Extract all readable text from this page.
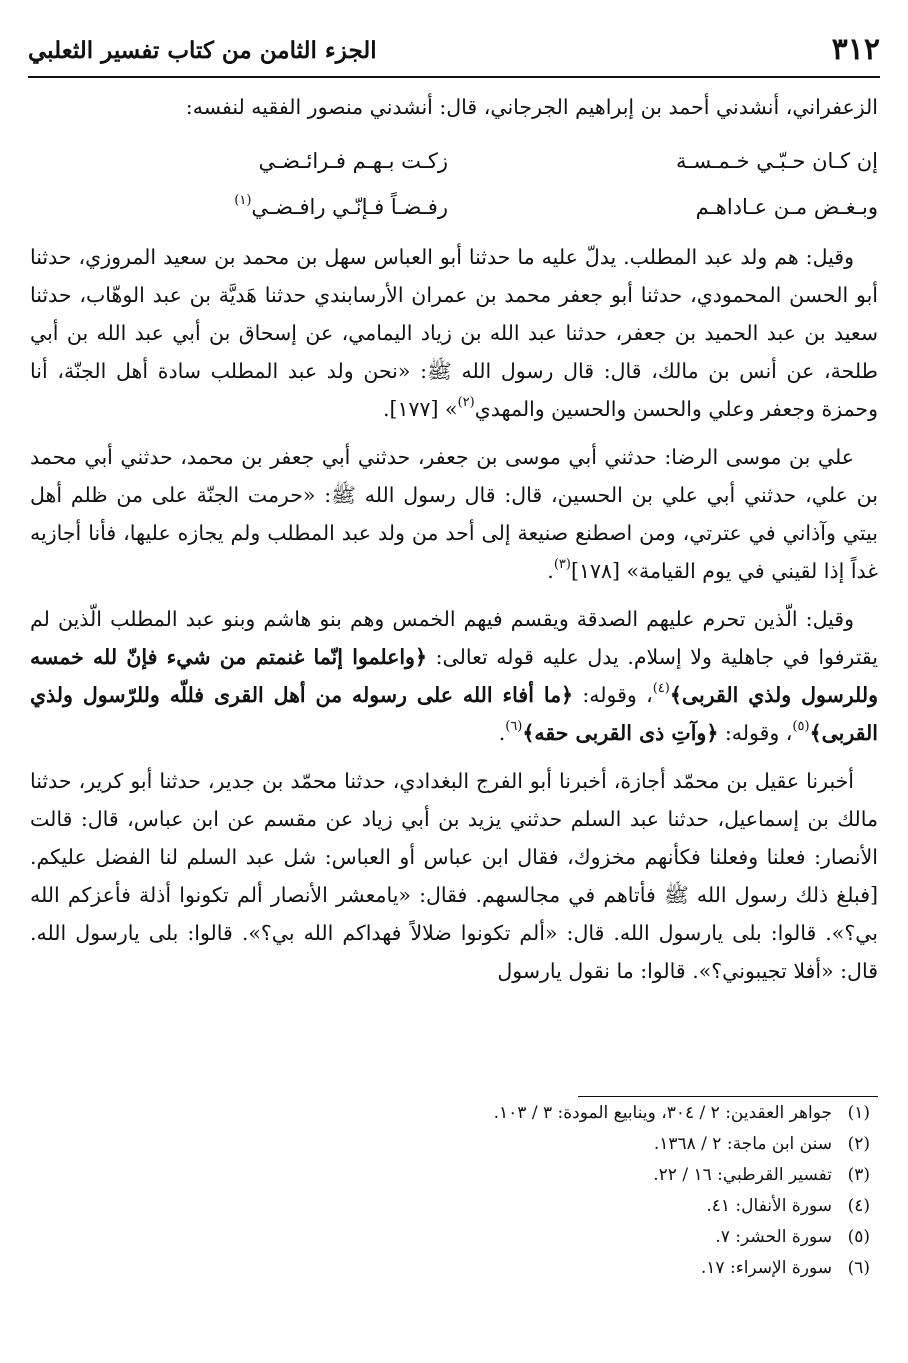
٣١٢
الجزء الثامن من كتاب تفسير الثعلبي

الزعفراني، أنشدني أحمد بن إبراهيم الجرجاني، قال: أنشدني منصور الفقيه لنفسه:

إن كـان حـبّـي خـمـسـة
زكـت بـهـم فـرائـضـي
وبـغـض مـن عـاداهـم
رفـضـاً فـإنّـي رافـضـي$^{(١)}$

وقيل: هم ولد عبد المطلب. يدلّ عليه ما حدثنا أبو العباس سهل بن محمد بن سعيد المروزي، حدثنا أبو الحسن المحمودي، حدثنا أبو جعفر محمد بن عمران الأرسابندي حدثنا هَديَّة بن عبد الوهّاب، حدثنا سعيد بن عبد الحميد بن جعفر، حدثنا عبد الله بن زياد اليمامي، عن إسحاق بن أبي عبد الله بن أبي طلحة، عن أنس بن مالك، قال: قال رسول الله ﷺ: «نحن ولد عبد المطلب سادة أهل الجنّة، أنا وحمزة وجعفر وعلي والحسن والحسين والمهدي$^{(٢)}$» [١٧٧].

علي بن موسى الرضا: حدثني أبي موسى بن جعفر، حدثني أبي جعفر بن محمد، حدثني أبي محمد بن علي، حدثني أبي علي بن الحسين، قال: قال رسول الله ﷺ: «حرمت الجنّة على من ظلم أهل بيتي وآذاني في عترتي، ومن اصطنع صنيعة إلى أحد من ولد عبد المطلب ولم يجازه عليها، فأنا أجازيه غداً إذا لقيني في يوم القيامة» [١٧٨]$^{(٣)}$.

وقيل: الّذين تحرم عليهم الصدقة ويقسم فيهم الخمس وهم بنو هاشم وبنو عبد المطلب الّذين لم يقترفوا في جاهلية ولا إسلام. يدل عليه قوله تعالى: ﴿واعلموا إنّما غنمتم من شيء فإنّ لله خمسه وللرسول ولذي القربى﴾$^{(٤)}$، وقوله: ﴿ما أفاء الله على رسوله من أهل القرى فللّه وللرّسول ولذي القربى﴾$^{(٥)}$، وقوله: ﴿وآتِ ذى القربى حقه﴾$^{(٦)}$.

أخبرنا عقيل بن محمّد أجازة، أخبرنا أبو الفرج البغدادي، حدثنا محمّد بن جدير، حدثنا أبو كرير، حدثنا مالك بن إسماعيل، حدثنا عبد السلم حدثني يزيد بن أبي زياد عن مقسم عن ابن عباس، قال: قالت الأنصار: فعلنا وفعلنا فكأنهم مخزوك، فقال ابن عباس أو العباس: شل عبد السلم لنا الفضل عليكم. [فبلغ ذلك رسول الله ﷺ فأتاهم في مجالسهم. فقال: «يامعشر الأنصار ألم تكونوا أذلة فأعزكم الله بي؟». قالوا: بلى يارسول الله. قال: «ألم تكونوا ضلالاً فهداكم الله بي؟». قالوا: بلى يارسول الله. قال: «أفلا تجيبوني؟». قالوا: ما نقول يارسول

(١)
جواهر العقدين: ٢ / ٣٠٤، وينابيع المودة: ٣ / ١٠٣.
(٢)
سنن ابن ماجة: ٢ / ١٣٦٨.
(٣)
تفسير القرطبي: ١٦ / ٢٢.
(٤)
سورة الأنفال: ٤١.
(٥)
سورة الحشر: ٧.
(٦)
سورة الإسراء: ١٧.
